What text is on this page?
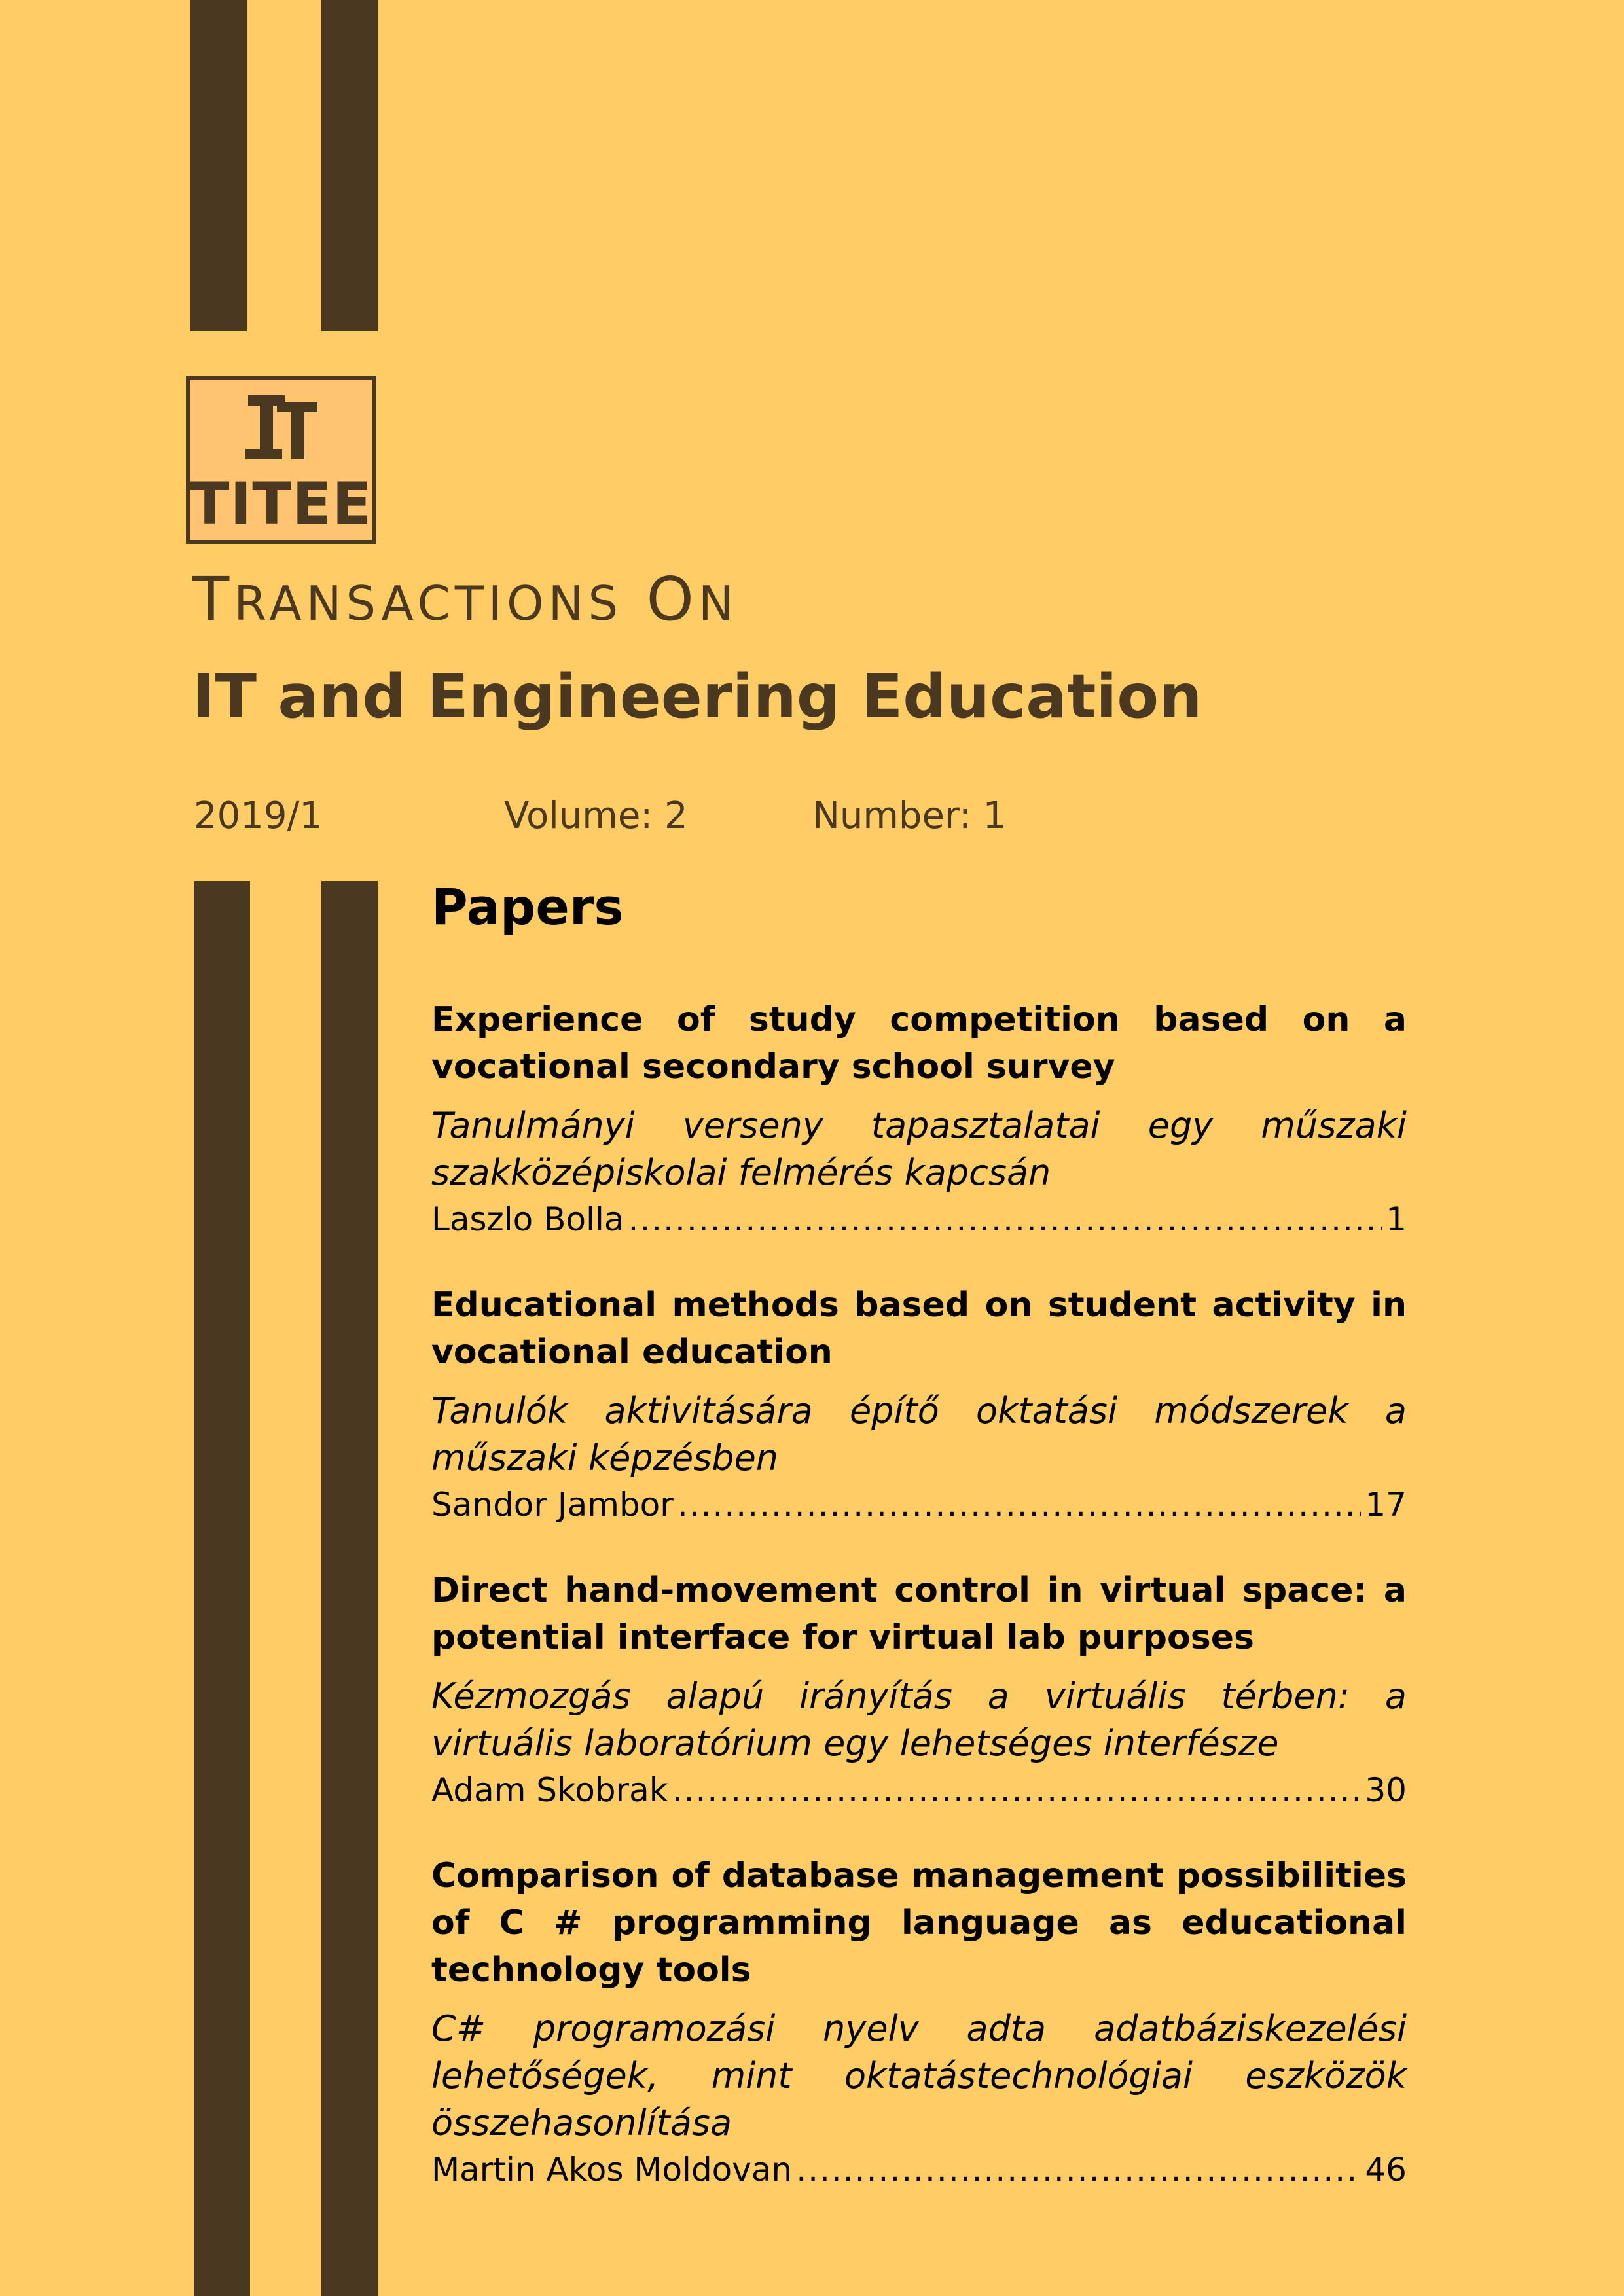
TITEE
TRANSACTIONS ON
IT and Engineering Education
2019/1	Volume: 2	Number: 1
Papers

Experience of study competition based on a vocational secondary school survey

Tanulmányi verseny tapasztalatai egy műszaki szakközépiskolai felmérés kapcsán

Laszlo Bolla .....	1

Educational methods based on student activity in vocational education

Tanulók aktivitására építő oktatási módszerek a műszaki képzésben

Sandor Jambor .....	17

Direct hand-movement control in virtual space: a potential interface for virtual lab purposes

Kézmozgás alapú irányítás a virtuális térben: a virtuális laboratórium egy lehetséges interfésze

Adam Skobrak .....	30

Comparison of database management possibilities of C # programming language as educational technology tools

C# programozási nyelv adta adatbáziskezelési lehetőségek, mint oktatástechnológiai eszközök összehasonlítása

Martin Akos Moldovan .....	46
